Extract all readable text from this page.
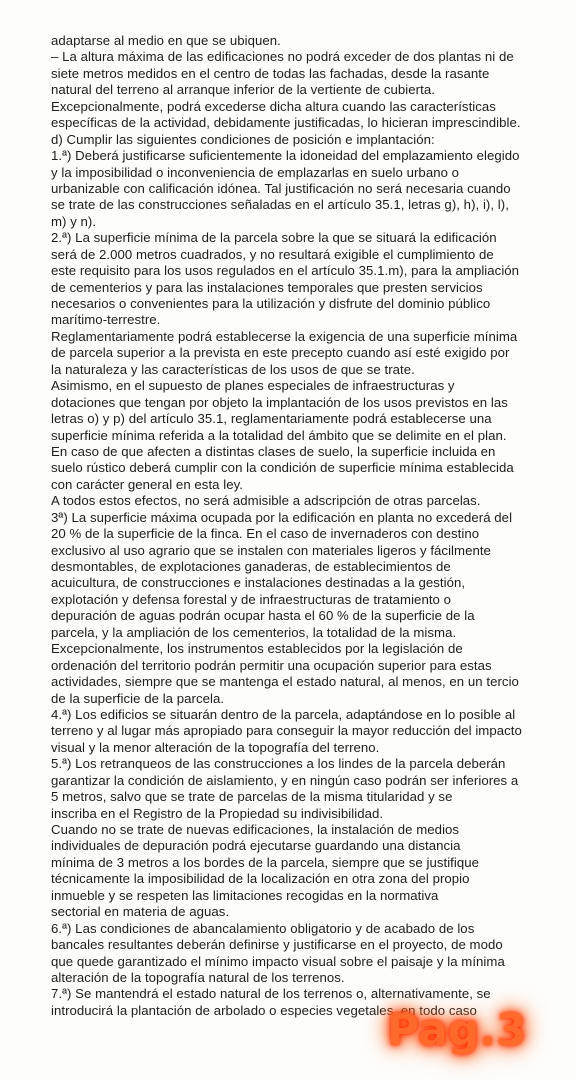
adaptarse al medio en que se ubiquen.
– La altura máxima de las edificaciones no podrá exceder de dos plantas ni de
siete metros medidos en el centro de todas las fachadas, desde la rasante
natural del terreno al arranque inferior de la vertiente de cubierta.
Excepcionalmente, podrá excederse dicha altura cuando las características
específicas de la actividad, debidamente justificadas, lo hicieran imprescindible.
d) Cumplir las siguientes condiciones de posición e implantación:
1.ª) Deberá justificarse suficientemente la idoneidad del emplazamiento elegido
y la imposibilidad o inconveniencia de emplazarlas en suelo urbano o
urbanizable con calificación idónea. Tal justificación no será necesaria cuando
se trate de las construcciones señaladas en el artículo 35.1, letras g), h), i), l),
m) y n).
2.ª) La superficie mínima de la parcela sobre la que se situará la edificación
será de 2.000 metros cuadrados, y no resultará exigible el cumplimiento de
este requisito para los usos regulados en el artículo 35.1.m), para la ampliación
de cementerios y para las instalaciones temporales que presten servicios
necesarios o convenientes para la utilización y disfrute del dominio público
marítimo-terrestre.
Reglamentariamente podrá establecerse la exigencia de una superficie mínima
de parcela superior a la prevista en este precepto cuando así esté exigido por
la naturaleza y las características de los usos de que se trate.
Asimismo, en el supuesto de planes especiales de infraestructuras y
dotaciones que tengan por objeto la implantación de los usos previstos en las
letras o) y p) del artículo 35.1, reglamentariamente podrá establecerse una
superficie mínima referida a la totalidad del ámbito que se delimite en el plan.
En caso de que afecten a distintas clases de suelo, la superficie incluida en
suelo rústico deberá cumplir con la condición de superficie mínima establecida
con carácter general en esta ley.
A todos estos efectos, no será admisible a adscripción de otras parcelas.
3ª) La superficie máxima ocupada por la edificación en planta no excederá del
20 % de la superficie de la finca. En el caso de invernaderos con destino
exclusivo al uso agrario que se instalen con materiales ligeros y fácilmente
desmontables, de explotaciones ganaderas, de establecimientos de
acuicultura, de construcciones e instalaciones destinadas a la gestión,
explotación y defensa forestal y de infraestructuras de tratamiento o
depuración de aguas podrán ocupar hasta el 60 % de la superficie de la
parcela, y la ampliación de los cementerios, la totalidad de la misma.
Excepcionalmente, los instrumentos establecidos por la legislación de
ordenación del territorio podrán permitir una ocupación superior para estas
actividades, siempre que se mantenga el estado natural, al menos, en un tercio
de la superficie de la parcela.
4.ª) Los edificios se situarán dentro de la parcela, adaptándose en lo posible al
terreno y al lugar más apropiado para conseguir la mayor reducción del impacto
visual y la menor alteración de la topografía del terreno.
5.ª) Los retranqueos de las construcciones a los lindes de la parcela deberán
garantizar la condición de aislamiento, y en ningún caso podrán ser inferiores a
5 metros, salvo que se trate de parcelas de la misma titularidad y se
inscriba en el Registro de la Propiedad su indivisibilidad.
Cuando no se trate de nuevas edificaciones, la instalación de medios
individuales de depuración podrá ejecutarse guardando una distancia
mínima de 3 metros a los bordes de la parcela, siempre que se justifique
técnicamente la imposibilidad de la localización en otra zona del propio
inmueble y se respeten las limitaciones recogidas en la normativa
sectorial en materia de aguas.
6.ª) Las condiciones de abancalamiento obligatorio y de acabado de los
bancales resultantes deberán definirse y justificarse en el proyecto, de modo
que quede garantizado el mínimo impacto visual sobre el paisaje y la mínima
alteración de la topografía natural de los terrenos.
7.ª) Se mantendrá el estado natural de los terrenos o, alternativamente, se
introducirá la plantación de arbolado o especies vegetales, en todo caso
Pag.3
